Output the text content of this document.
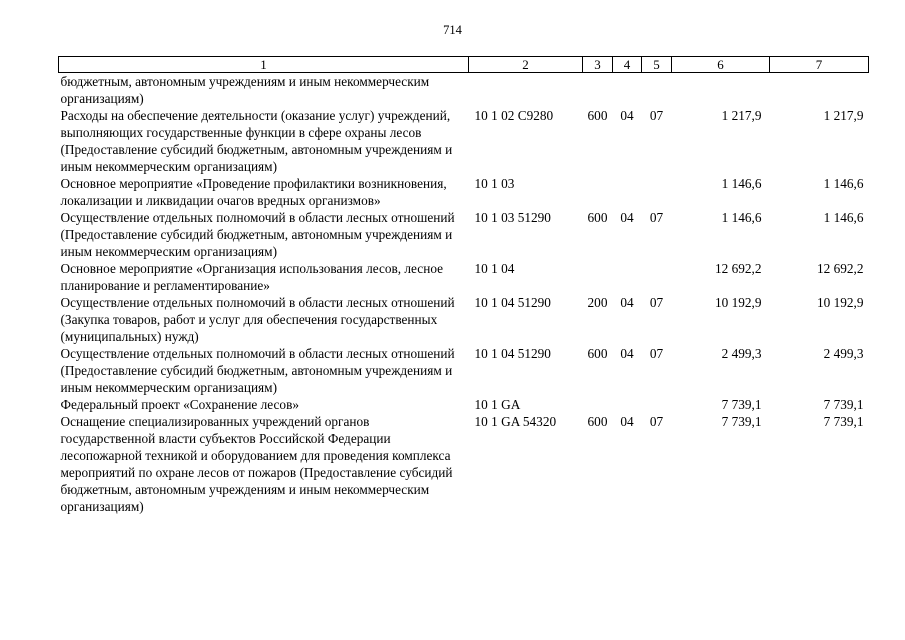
714
1	2	3	4	5	6	7
бюджетным, автономным учреждениям и иным некоммерческим организациям)						
Расходы на обеспечение деятельности (оказание услуг) учреждений, выполняющих государственные функции в сфере охраны лесов (Предоставление субсидий бюджетным, автономным учреждениям и иным некоммерческим организациям)	10 1 02 С9280	600	04	07	1 217,9	1 217,9
Основное мероприятие «Проведение профилактики возникновения, локализации и ликвидации очагов вредных организмов»	10 1 03				1 146,6	1 146,6
Осуществление отдельных полномочий в области лесных отношений (Предоставление субсидий бюджетным, автономным учреждениям и иным некоммерческим организациям)	10 1 03 51290	600	04	07	1 146,6	1 146,6
Основное мероприятие «Организация использования лесов, лесное планирование и регламентирование»	10 1 04				12 692,2	12 692,2
Осуществление отдельных полномочий в области лесных отношений (Закупка товаров, работ и услуг для обеспечения государственных (муниципальных) нужд)	10 1 04 51290	200	04	07	10 192,9	10 192,9
Осуществление отдельных полномочий в области лесных отношений (Предоставление субсидий бюджетным, автономным учреждениям и иным некоммерческим организациям)	10 1 04 51290	600	04	07	2 499,3	2 499,3
Федеральный проект «Сохранение лесов»	10 1 GA				7 739,1	7 739,1
Оснащение специализированных учреждений органов государственной власти субъектов Российской Федерации лесопожарной техникой и оборудованием для проведения комплекса мероприятий по охране лесов от пожаров (Предоставление субсидий бюджетным, автономным учреждениям и иным некоммерческим организациям)	10 1 GA 54320	600	04	07	7 739,1	7 739,1
